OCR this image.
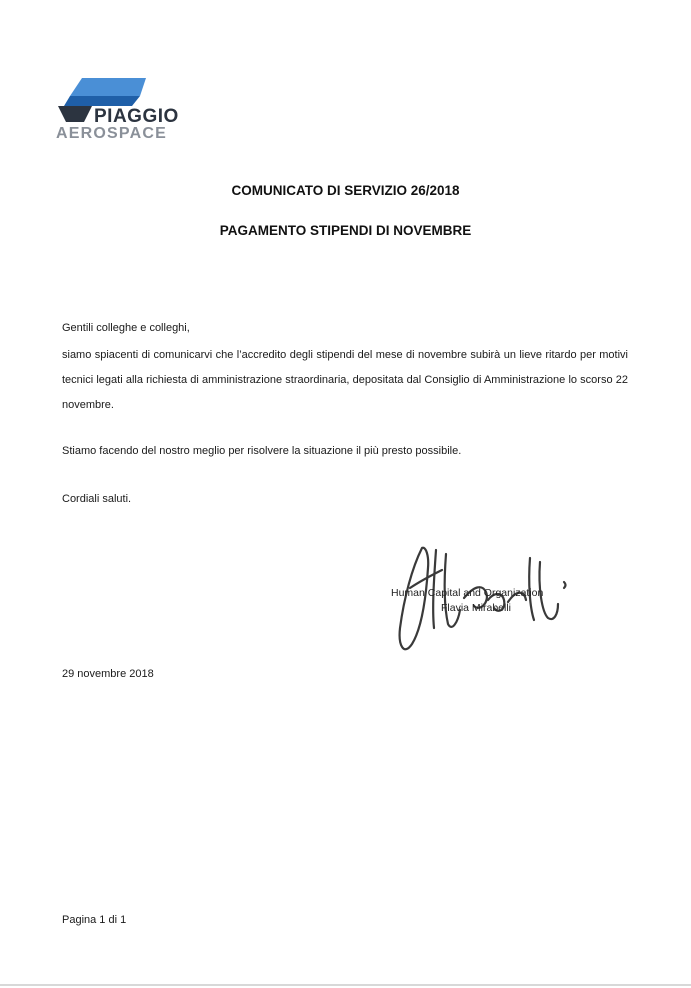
PIAGGIO
AEROSPACE
COMUNICATO DI SERVIZIO 26/2018
PAGAMENTO STIPENDI DI NOVEMBRE
Gentili colleghe e colleghi,
siamo spiacenti di comunicarvi che l’accredito degli stipendi del mese di novembre subirà un lieve ritardo per motivi tecnici legati alla richiesta di amministrazione straordinaria, depositata dal Consiglio di Amministrazione lo scorso 22 novembre.
Stiamo facendo del nostro meglio per risolvere la situazione il più presto possibile.
Cordiali saluti.
Human Capital and Organization
Flavia Mirabelli
29 novembre 2018
Pagina 1 di 1
